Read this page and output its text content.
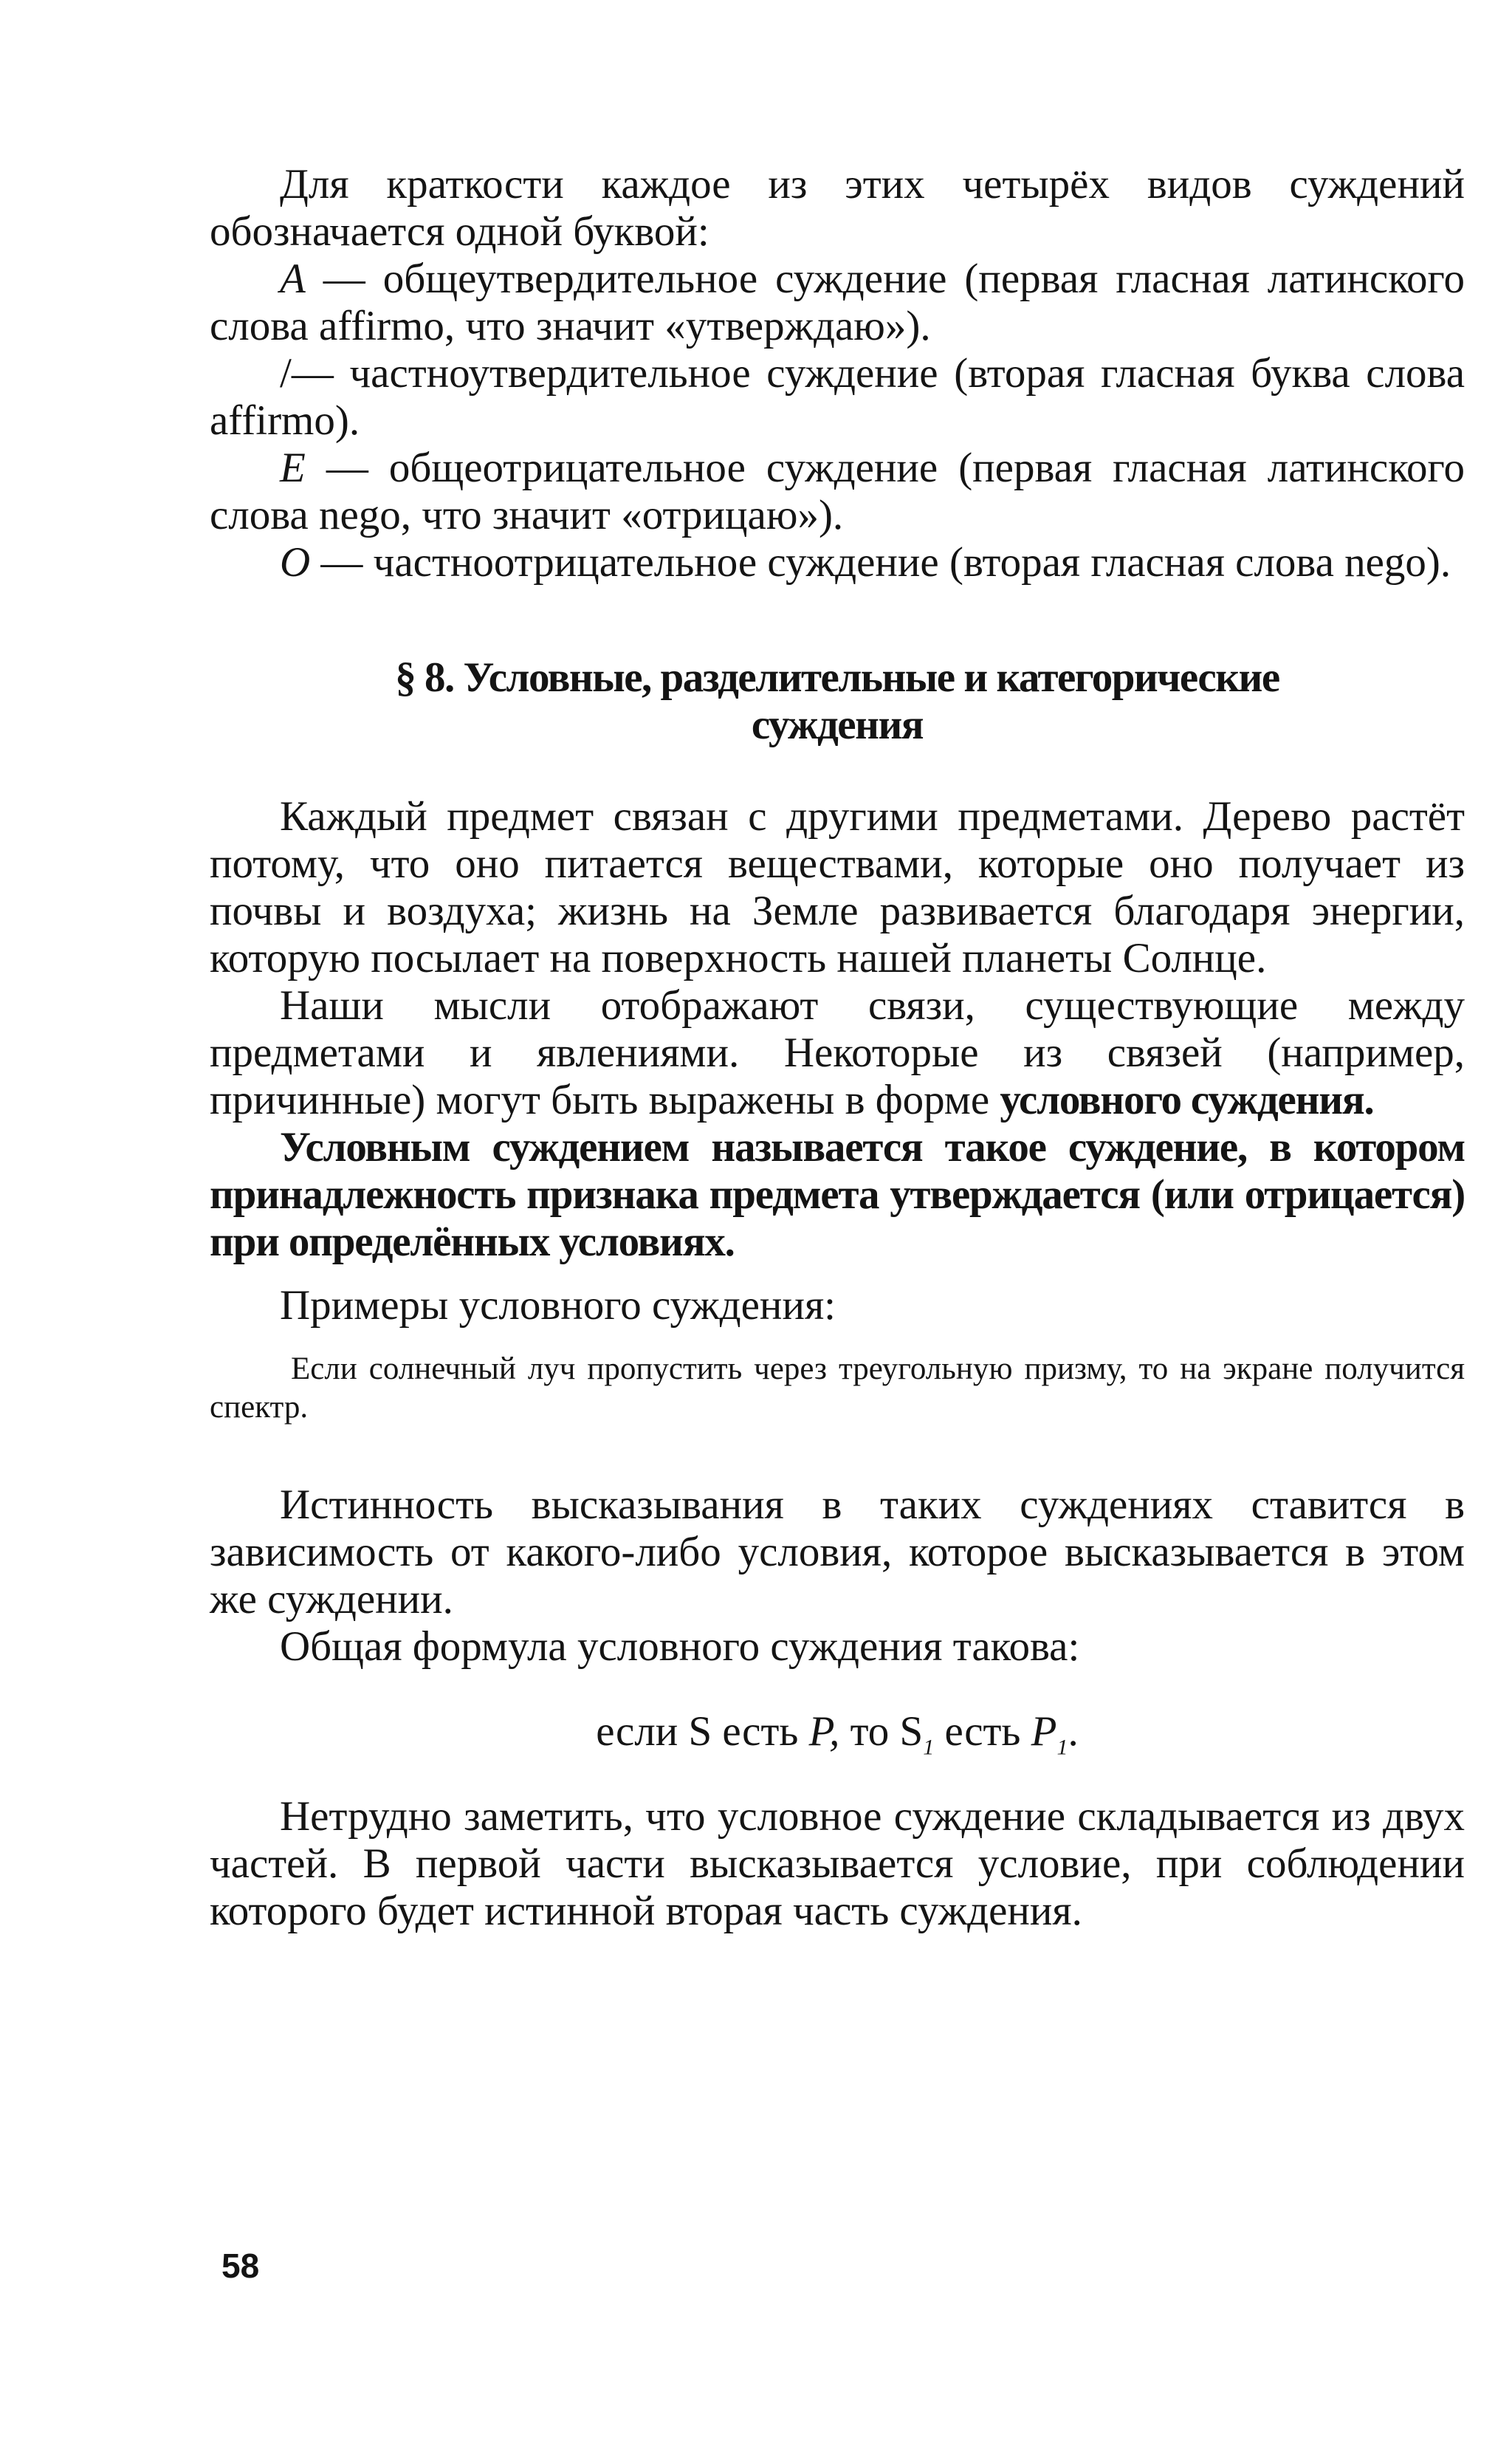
Для краткости каждое из этих четырёх видов суждений обозначается одной буквой:

A — общеутвердительное суждение (первая гласная латинского слова affirmo, что значит «утверждаю»).

/— частноутвердительное суждение (вторая гласная буква слова affirmo).

E — общеотрицательное суждение (первая гласная латинского слова nego, что значит «отрицаю»).

O — частноотрицательное суждение (вторая гласная слова nego).

§ 8. Условные, разделительные и категорические суждения

Каждый предмет связан с другими предметами. Дерево растёт потому, что оно питается веществами, которые оно получает из почвы и воздуха; жизнь на Земле развивается благодаря энергии, которую посылает на поверхность нашей планеты Солнце.

Наши мысли отображают связи, существующие между предметами и явлениями. Некоторые из связей (например, причинные) могут быть выражены в форме условного суждения.

Условным суждением называется такое суждение, в котором принадлежность признака предмета утверждается (или отрицается) при определённых условиях.

Примеры условного суждения:

Если солнечный луч пропустить через треугольную призму, то на экране получится спектр.

Истинность высказывания в таких суждениях ставится в зависимость от какого-либо условия, которое высказывается в этом же суждении.

Общая формула условного суждения такова:

если S есть P, то $S_1$ есть $P_1$.

Нетрудно заметить, что условное суждение складывается из двух частей. В первой части высказывается условие, при соблюдении которого будет истинной вторая часть суждения.

58
